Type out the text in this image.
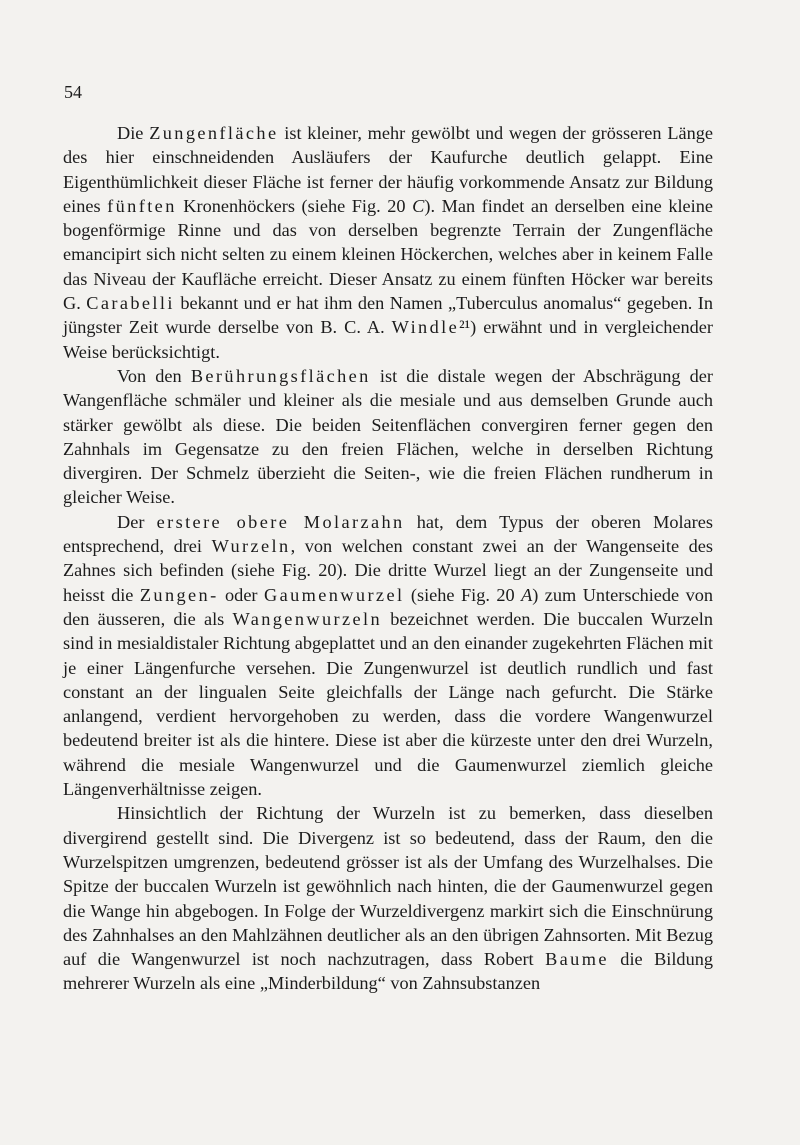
54

Die Zungenfläche ist kleiner, mehr gewölbt und wegen der grösseren Länge des hier einschneidenden Ausläufers der Kaufurche deutlich gelappt. Eine Eigenthümlichkeit dieser Fläche ist ferner der häufig vorkommende Ansatz zur Bildung eines fünften Kronenhöckers (siehe Fig. 20 C). Man findet an derselben eine kleine bogenförmige Rinne und das von derselben begrenzte Terrain der Zungenfläche emancipirt sich nicht selten zu einem kleinen Höckerchen, welches aber in keinem Falle das Niveau der Kaufläche erreicht. Dieser Ansatz zu einem fünften Höcker war bereits G. Carabelli bekannt und er hat ihm den Namen „Tuberculus anomalus“ gegeben. In jüngster Zeit wurde derselbe von B. C. A. Windle²¹) erwähnt und in vergleichender Weise berücksichtigt.

Von den Berührungsflächen ist die distale wegen der Abschrägung der Wangenfläche schmäler und kleiner als die mesiale und aus demselben Grunde auch stärker gewölbt als diese. Die beiden Seitenflächen convergiren ferner gegen den Zahnhals im Gegensatze zu den freien Flächen, welche in derselben Richtung divergiren. Der Schmelz überzieht die Seiten-, wie die freien Flächen rundherum in gleicher Weise.

Der erstere obere Molarzahn hat, dem Typus der oberen Molares entsprechend, drei Wurzeln, von welchen constant zwei an der Wangenseite des Zahnes sich befinden (siehe Fig. 20). Die dritte Wurzel liegt an der Zungenseite und heisst die Zungen- oder Gaumenwurzel (siehe Fig. 20 A) zum Unterschiede von den äusseren, die als Wangenwurzeln bezeichnet werden. Die buccalen Wurzeln sind in mesialdistaler Richtung abgeplattet und an den einander zugekehrten Flächen mit je einer Längenfurche versehen. Die Zungenwurzel ist deutlich rundlich und fast constant an der lingualen Seite gleichfalls der Länge nach gefurcht. Die Stärke anlangend, verdient hervorgehoben zu werden, dass die vordere Wangenwurzel bedeutend breiter ist als die hintere. Diese ist aber die kürzeste unter den drei Wurzeln, während die mesiale Wangenwurzel und die Gaumenwurzel ziemlich gleiche Längenverhältnisse zeigen.

Hinsichtlich der Richtung der Wurzeln ist zu bemerken, dass dieselben divergirend gestellt sind. Die Divergenz ist so bedeutend, dass der Raum, den die Wurzelspitzen umgrenzen, bedeutend grösser ist als der Umfang des Wurzelhalses. Die Spitze der buccalen Wurzeln ist gewöhnlich nach hinten, die der Gaumenwurzel gegen die Wange hin abgebogen. In Folge der Wurzeldivergenz markirt sich die Einschnürung des Zahnhalses an den Mahlzähnen deutlicher als an den übrigen Zahnsorten. Mit Bezug auf die Wangenwurzel ist noch nachzutragen, dass Robert Baume die Bildung mehrerer Wurzeln als eine „Minderbildung“ von Zahnsubstanzen
